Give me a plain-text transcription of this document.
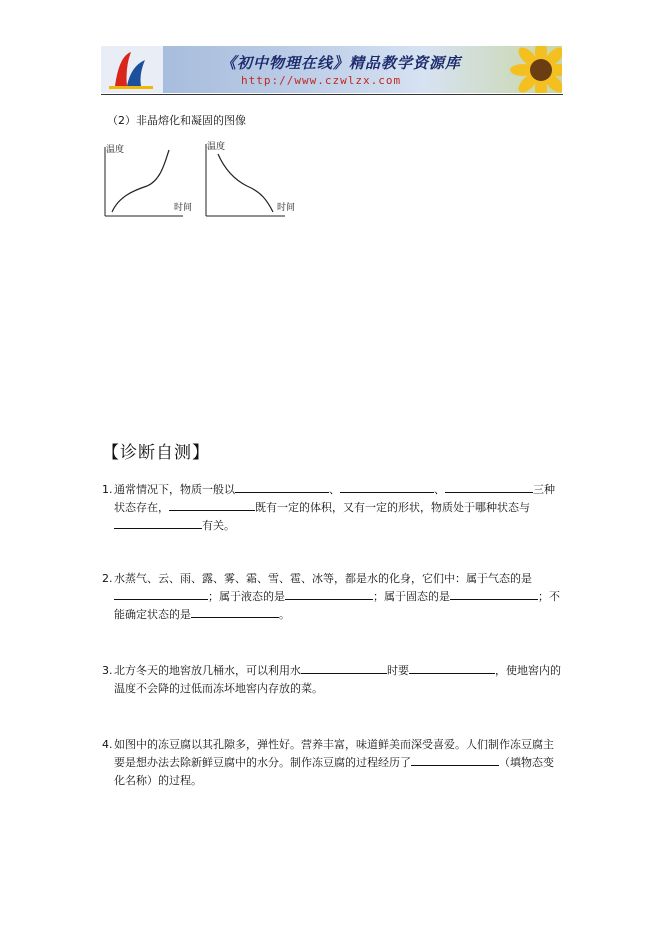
《初中物理在线》精品教学资源库
http://www.czwlzx.com
（2）非晶熔化和凝固的图像
温度
时间
温度
时间
【诊断自测】
1. 通常情况下，物质一般以	、	、	三种状态存在，	既有一定的体积，又有一定的形状，物质处于哪种状态与有关。
2. 水蒸气、云、雨、露、雾、霜、雪、雹、冰等，都是水的化身，它们中：属于气态的是；属于液态的是	；属于固态的是	；不能确定状态的是	。
3. 北方冬天的地窖放几桶水，可以利用水	时要	，使地窖内的温度不会降的过低而冻坏地窖内存放的菜。
4. 如图中的冻豆腐以其孔隙多，弹性好。营养丰富，味道鲜美而深受喜爱。人们制作冻豆腐主要是想办法去除新鲜豆腐中的水分。制作冻豆腐的过程经历了	（填物态变化名称）的过程。
